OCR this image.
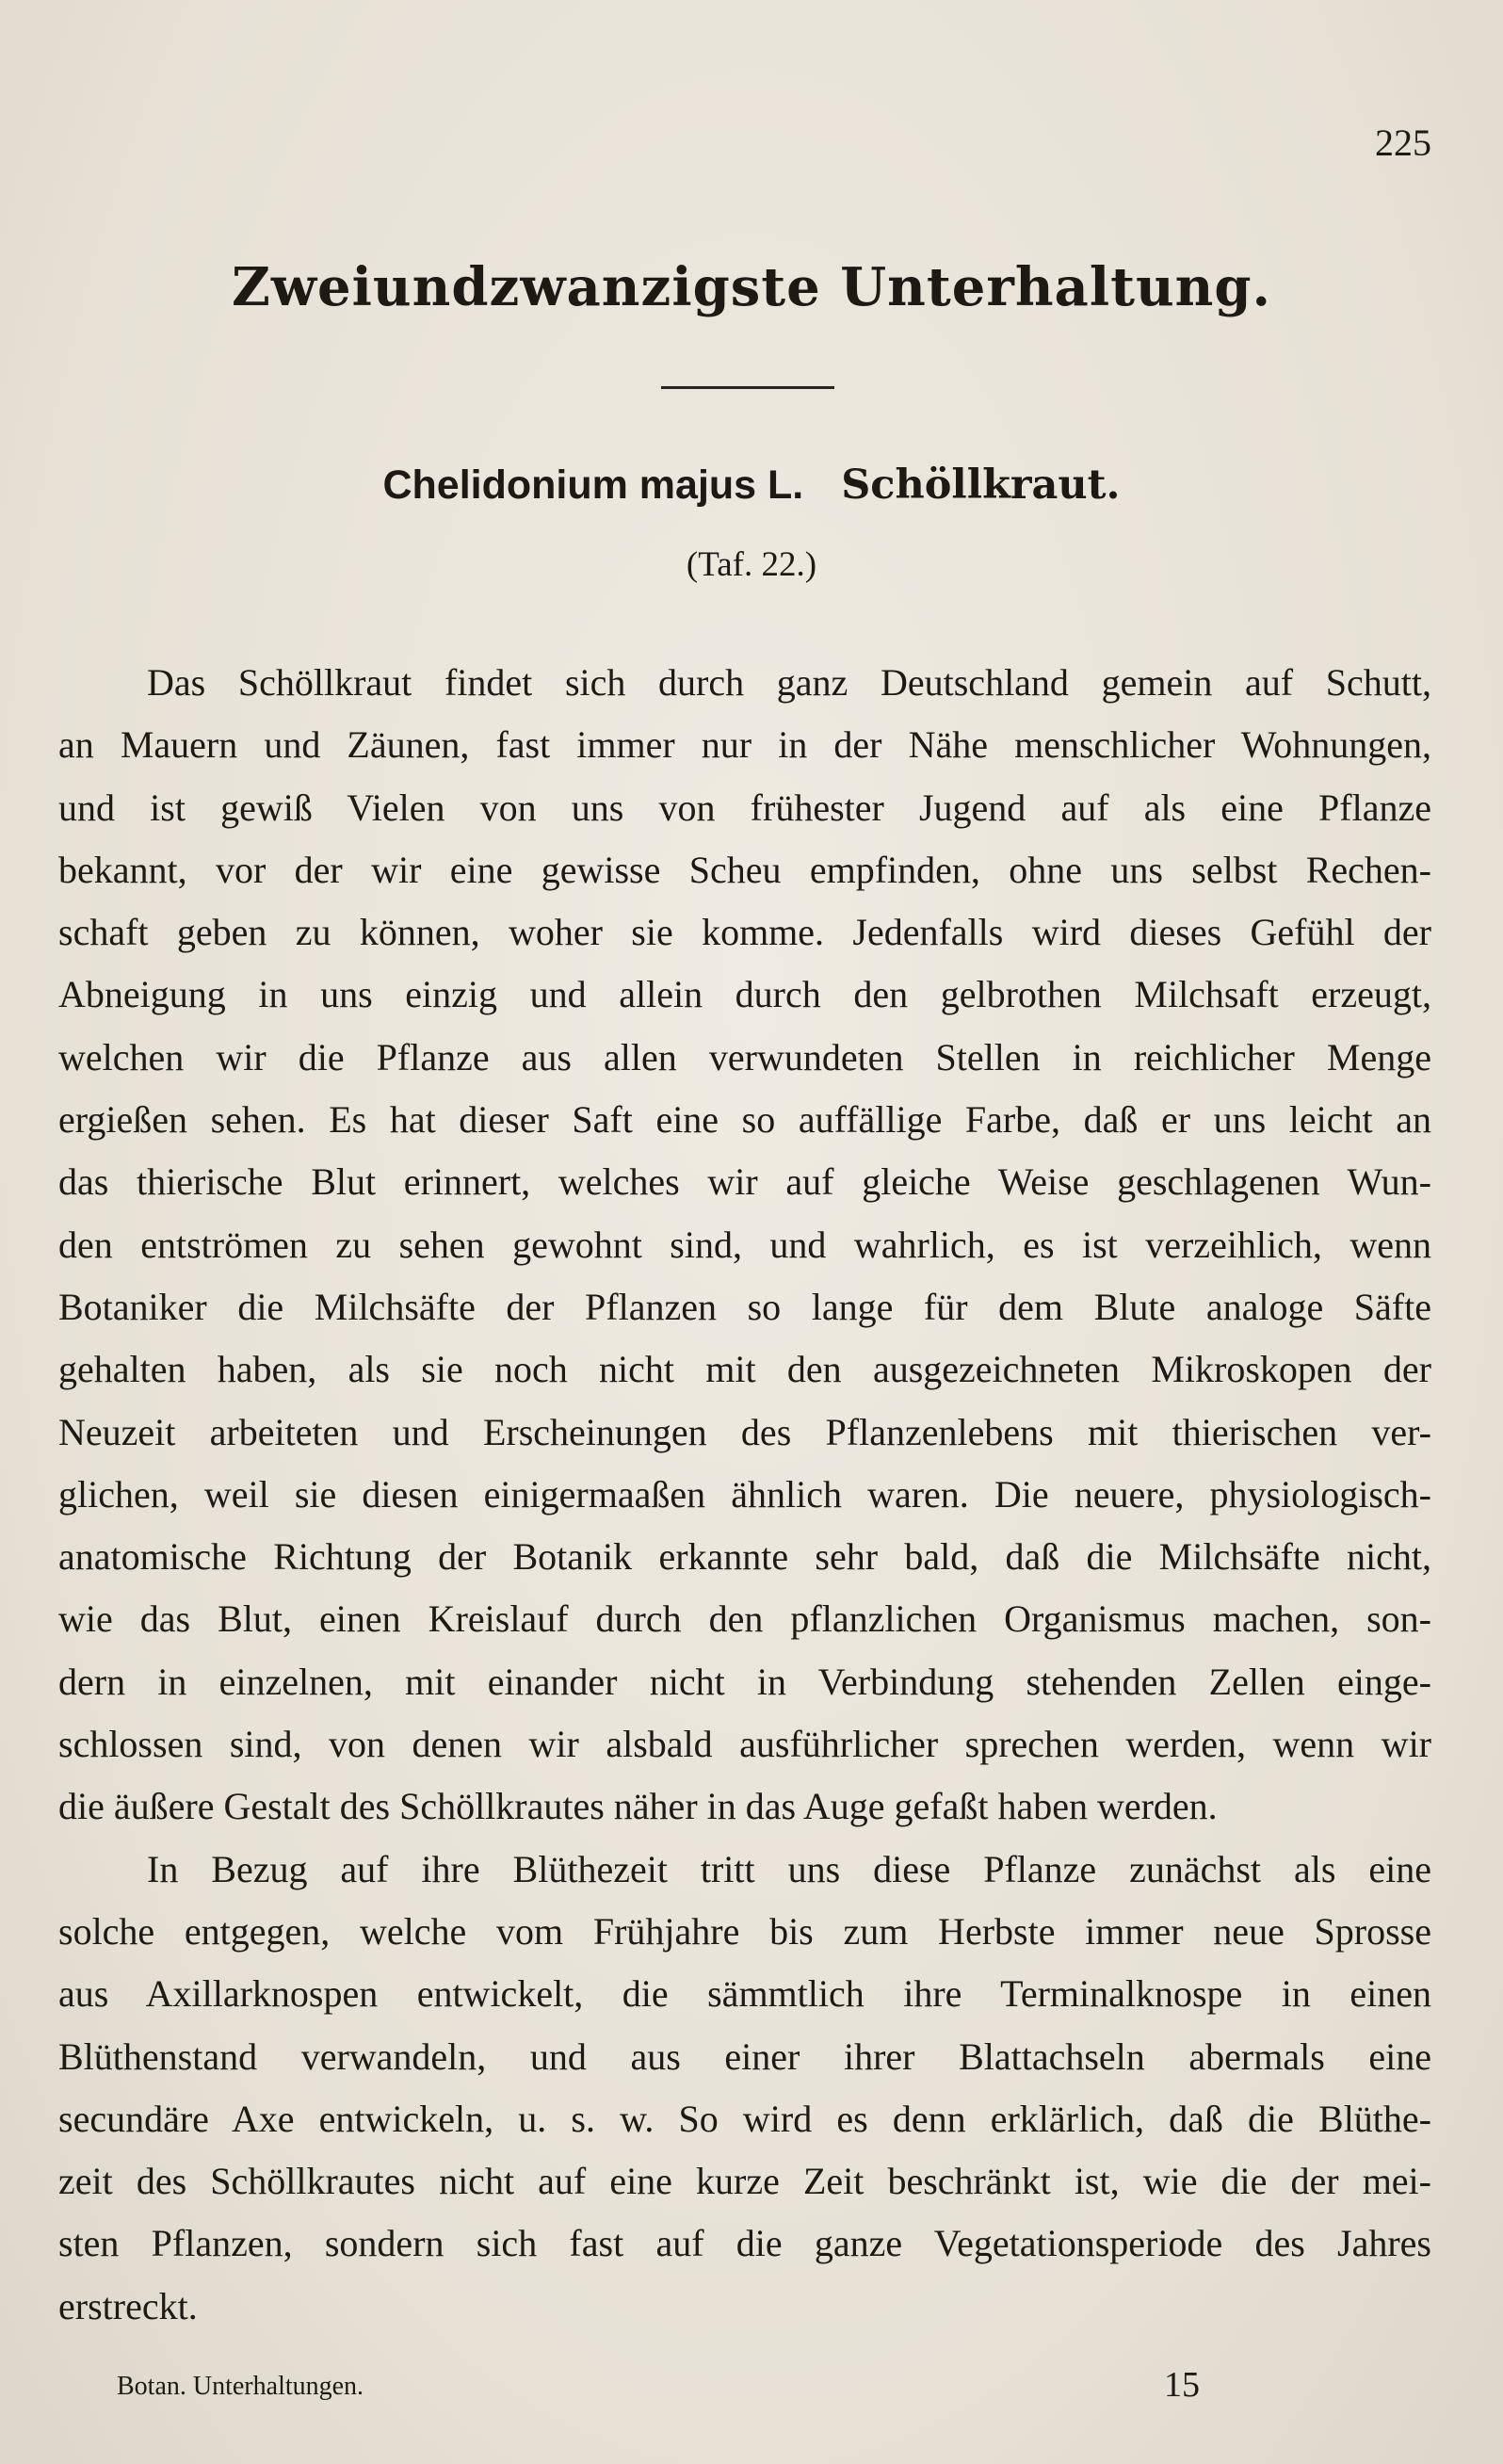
225
Zweiundzwanzigste Unterhaltung.
Chelidonium majus L. Schöllkraut.
(Taf. 22.)
Das Schöllkraut findet sich durch ganz Deutschland gemein auf Schutt,
an Mauern und Zäunen, fast immer nur in der Nähe menschlicher Wohnungen,
und ist gewiß Vielen von uns von frühester Jugend auf als eine Pflanze
bekannt, vor der wir eine gewisse Scheu empfinden, ohne uns selbst Rechen-
schaft geben zu können, woher sie komme. Jedenfalls wird dieses Gefühl der
Abneigung in uns einzig und allein durch den gelbrothen Milchsaft erzeugt,
welchen wir die Pflanze aus allen verwundeten Stellen in reichlicher Menge
ergießen sehen. Es hat dieser Saft eine so auffällige Farbe, daß er uns leicht an
das thierische Blut erinnert, welches wir auf gleiche Weise geschlagenen Wun-
den entströmen zu sehen gewohnt sind, und wahrlich, es ist verzeihlich, wenn
Botaniker die Milchsäfte der Pflanzen so lange für dem Blute analoge Säfte
gehalten haben, als sie noch nicht mit den ausgezeichneten Mikroskopen der
Neuzeit arbeiteten und Erscheinungen des Pflanzenlebens mit thierischen ver-
glichen, weil sie diesen einigermaaßen ähnlich waren. Die neuere, physiologisch-
anatomische Richtung der Botanik erkannte sehr bald, daß die Milchsäfte nicht,
wie das Blut, einen Kreislauf durch den pflanzlichen Organismus machen, son-
dern in einzelnen, mit einander nicht in Verbindung stehenden Zellen einge-
schlossen sind, von denen wir alsbald ausführlicher sprechen werden, wenn wir
die äußere Gestalt des Schöllkrautes näher in das Auge gefaßt haben werden.
In Bezug auf ihre Blüthezeit tritt uns diese Pflanze zunächst als eine
solche entgegen, welche vom Frühjahre bis zum Herbste immer neue Sprosse
aus Axillarknospen entwickelt, die sämmtlich ihre Terminalknospe in einen
Blüthenstand verwandeln, und aus einer ihrer Blattachseln abermals eine
secundäre Axe entwickeln, u. s. w. So wird es denn erklärlich, daß die Blüthe-
zeit des Schöllkrautes nicht auf eine kurze Zeit beschränkt ist, wie die der mei-
sten Pflanzen, sondern sich fast auf die ganze Vegetationsperiode des Jahres
erstreckt.
Botan. Unterhaltungen.	15
